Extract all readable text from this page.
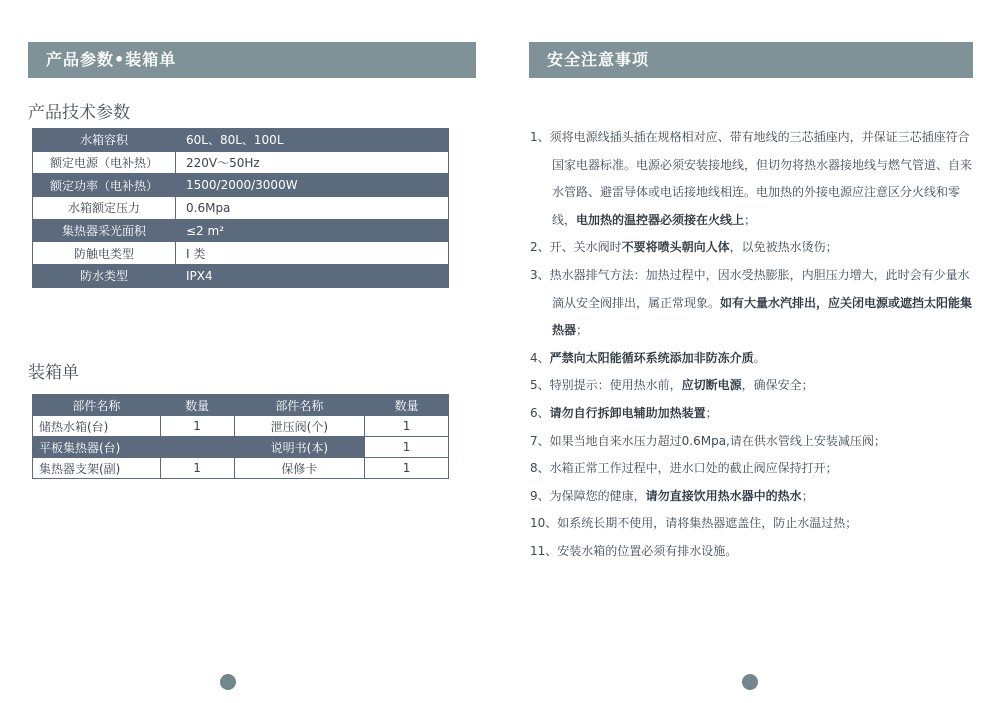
产品参数•装箱单	安全注意事项
产品技术参数
水箱容积	60L、80L、100L
额定电源（电补热）	220V～50Hz
额定功率（电补热）	1500/2000/3000W
水箱额定压力	0.6Mpa
集热器采光面积	≤2 m²
防触电类型	I 类
防水类型	IPX4
装箱单
部件名称	数量	部件名称	数量
储热水箱(台)	1	泄压阀(个)	1
平板集热器(台)		说明书(本)	1
集热器支架(副)	1	保修卡	1
1、须将电源线插头插在规格相对应、带有地线的三芯插座内，并保证三芯插座符合国家电器标准。电源必须安装接地线，但切勿将热水器接地线与燃气管道、自来水管路、避雷导体或电话接地线相连。电加热的外接电源应注意区分火线和零线，电加热的温控器必须接在火线上；
2、开、关水阀时不要将喷头朝向人体，以免被热水烫伤；
3、热水器排气方法：加热过程中，因水受热膨胀，内胆压力增大，此时会有少量水滴从安全阀排出，属正常现象。如有大量水汽排出，应关闭电源或遮挡太阳能集热器；
4、严禁向太阳能循环系统添加非防冻介质。
5、特别提示：使用热水前，应切断电源，确保安全；
6、请勿自行拆卸电辅助加热装置；
7、如果当地自来水压力超过0.6Mpa,请在供水管线上安装减压阀；
8、水箱正常工作过程中，进水口处的截止阀应保持打开；
9、为保障您的健康，请勿直接饮用热水器中的热水；
10、如系统长期不使用，请将集热器遮盖住，防止水温过热；
11、安装水箱的位置必须有排水设施。
